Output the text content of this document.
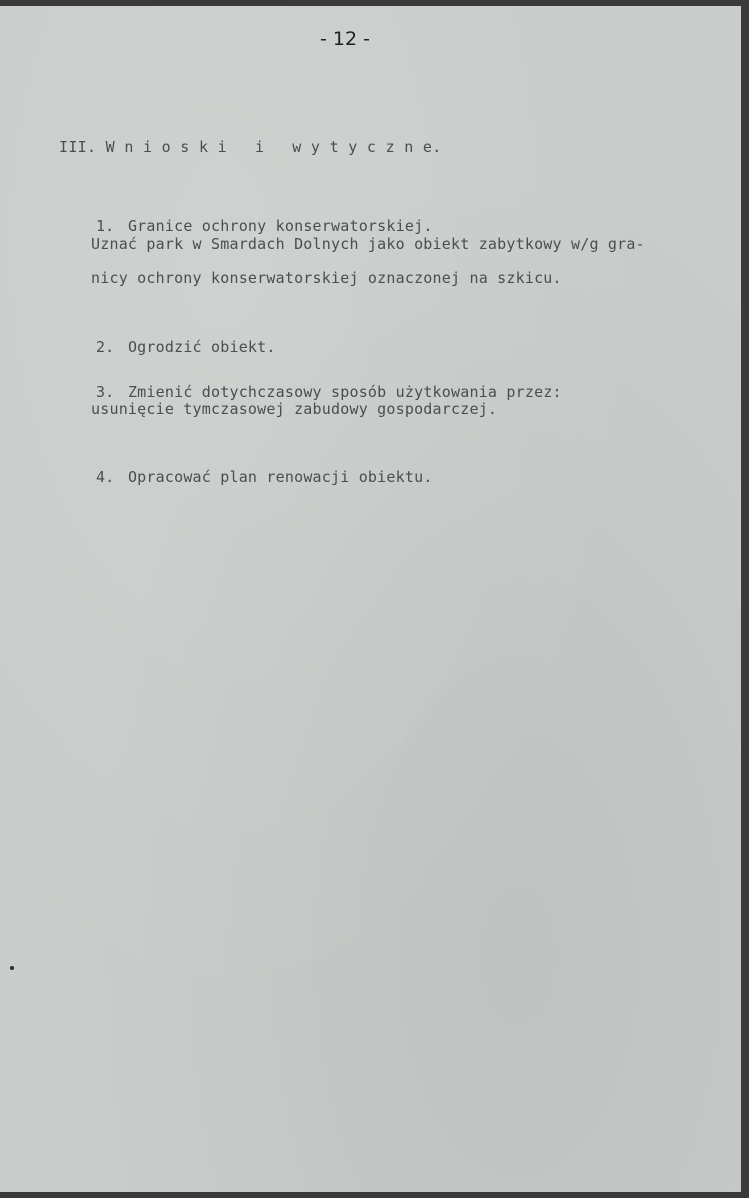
- 12 -
III. W n i o s k i   i   w y t y c z n e.

1. Granice ochrony konserwatorskiej.

Uznać park w Smardach Dolnych jako obiekt zabytkowy w/g gra-
nicy ochrony konserwatorskiej oznaczonej na szkicu.

2. Ogrodzić obiekt.

3. Zmienić dotychczasowy sposób użytkowania przez:

usunięcie tymczasowej zabudowy gospodarczej.

4. Opracować plan renowacji obiektu.
